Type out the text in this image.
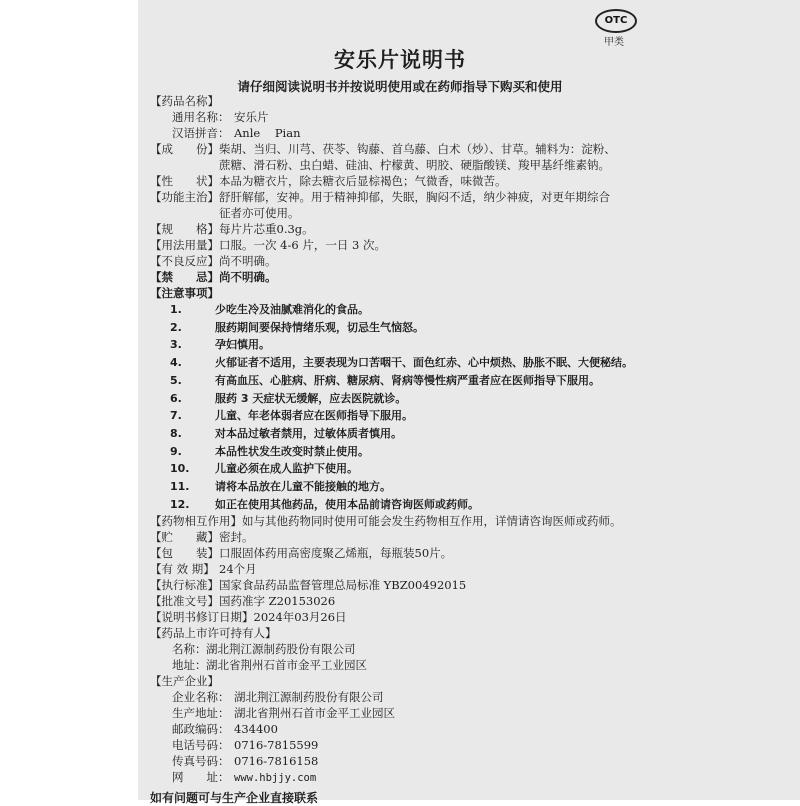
OTC
甲类
安乐片说明书
请仔细阅读说明书并按说明使用或在药师指导下购买和使用
【药品名称】
通用名称： 安乐片
汉语拼音： Anle    Pian
【成　　份】柴胡、当归、川芎、茯苓、钩藤、首乌藤、白术（炒）、甘草。辅料为：淀粉、
蔗糖、滑石粉、虫白蜡、硅油、柠檬黄、明胶、硬脂酸镁、羧甲基纤维素钠。
【性　　状】本品为糖衣片，除去糖衣后显棕褐色；气微香，味微苦。
【功能主治】舒肝解郁，安神。用于精神抑郁，失眠，胸闷不适，纳少神疲，对更年期综合
征者亦可使用。
【规　　格】每片片芯重0.3g。
【用法用量】口服。一次 4-6 片，一日 3 次。
【不良反应】尚不明确。
【禁　　忌】尚不明确。
【注意事项】
1.	少吃生冷及油腻难消化的食品。
2.	服药期间要保持情绪乐观，切忌生气恼怒。
3.	孕妇慎用。
4.	火郁证者不适用，主要表现为口苦咽干、面色红赤、心中烦热、胁胀不眠、大便秘结。
5.	有高血压、心脏病、肝病、糖尿病、肾病等慢性病严重者应在医师指导下服用。
6.	服药 3 天症状无缓解，应去医院就诊。
7.	儿童、年老体弱者应在医师指导下服用。
8.	对本品过敏者禁用，过敏体质者慎用。
9.	本品性状发生改变时禁止使用。
10. 儿童必须在成人监护下使用。
11. 请将本品放在儿童不能接触的地方。
12. 如正在使用其他药品，使用本品前请咨询医师或药师。
【药物相互作用】如与其他药物同时使用可能会发生药物相互作用，详情请咨询医师或药师。
【贮　　藏】密封。
【包　　装】口服固体药用高密度聚乙烯瓶，每瓶装50片。
【有 效 期】 24个月
【执行标准】国家食品药品监督管理总局标准 YBZ00492015
【批准文号】国药准字 Z20153026
【说明书修订日期】2024年03月26日
【药品上市许可持有人】
名称：湖北荆江源制药股份有限公司
地址：湖北省荆州石首市金平工业园区
【生产企业】
企业名称： 湖北荆江源制药股份有限公司
生产地址： 湖北省荆州石首市金平工业园区
邮政编码： 434400
电话号码： 0716-7815599
传真号码： 0716-7816158
网　　址： www.hbjjy.com
如有问题可与生产企业直接联系
